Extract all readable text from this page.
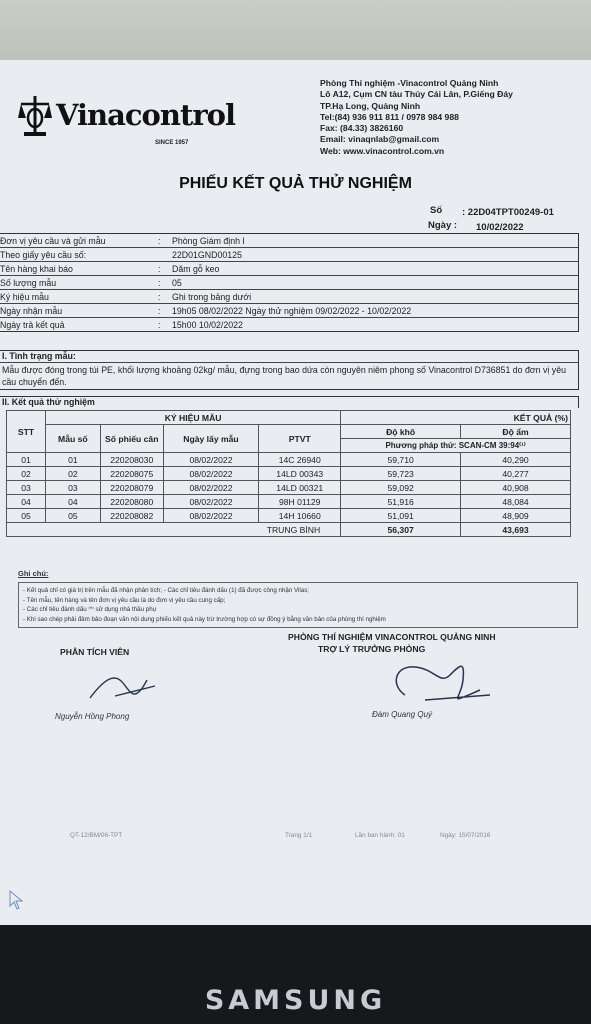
Vinacontrol
SINCE 1957
Phòng Thí nghiệm -Vinacontrol Quảng Ninh
Lô A12, Cụm CN tàu Thủy Cái Lân, P.Giếng Đáy
TP.Hạ Long, Quảng Ninh
Tel:(84) 936 911 811 / 0978 984 988
Fax: (84.33) 3826160
Email: vinaqnlab@gmail.com
Web: www.vinacontrol.com.vn
PHIẾU KẾT QUẢ THỬ NGHIỆM
Số : 22D04TPT00249-01
Ngày : 10/02/2022
Đơn vị yêu cầu và gửi mẫu	:	Phòng Giám định I
Theo giấy yêu cầu số:	22D01GND00125
Tên hàng khai báo	:	Dăm gỗ keo
Số lượng mẫu	:	05
Ký hiệu mẫu	:	Ghi trong bảng dưới
Ngày nhận mẫu	:	19h05 08/02/2022 Ngày thử nghiệm 09/02/2022 - 10/02/2022
Ngày trả kết quả	:	15h00 10/02/2022
I. Tình trạng mẫu:
Mẫu được đóng trong túi PE, khối lượng khoảng 02kg/ mẫu, đựng trong bao dứa còn nguyên niêm phong số Vinacontrol D736851 do đơn vị yêu cầu chuyển đến.
II. Kết quả thử nghiệm
STT	KÝ HIỆU MẪU				KẾT QUẢ (%)	
	Mẫu số	Số phiếu cân	Ngày lấy mẫu	PTVT	Độ khô	Độ ẩm
					Phương pháp thử: SCAN-CM 39:94⁽¹⁾	
01	01	220208030	08/02/2022	14C 26940	59,710	40,290
02	02	220208075	08/02/2022	14LD 00343	59,723	40,277
03	03	220208079	08/02/2022	14LD 00321	59,092	40,908
04	04	220208080	08/02/2022	98H 01129	51,916	48,084
05	05	220208082	08/02/2022	14H 10660	51,091	48,909
TRUNG BÌNH					56,307	43,693
Ghi chú:
- Kết quả chỉ có giá trị trên mẫu đã nhận phân tích; - Các chỉ tiêu đánh dấu (1) đã được công nhận Vilas;
- Tên mẫu, tên hàng và tên đơn vị yêu cầu là do đơn vị yêu cầu cung cấp;
- Các chỉ tiêu đánh dấu ⁽*⁾ sử dụng nhà thầu phụ
- Khi sao chép phải đảm bảo đoạn văn nội dung phiếu kết quả này trừ trường hợp có sự đồng ý bằng văn bản của phòng thí nghiệm
PHÒNG THÍ NGHIỆM VINACONTROL QUẢNG NINH
PHÂN TÍCH VIÊN	TRỢ LÝ TRƯỞNG PHÒNG
Nguyễn Hồng Phong	Đàm Quang Quý
QT-12/BM/06-TPT	Trang 1/1	Lần ban hành: 01	Ngày: 15/07/2016
SAMSUNG
